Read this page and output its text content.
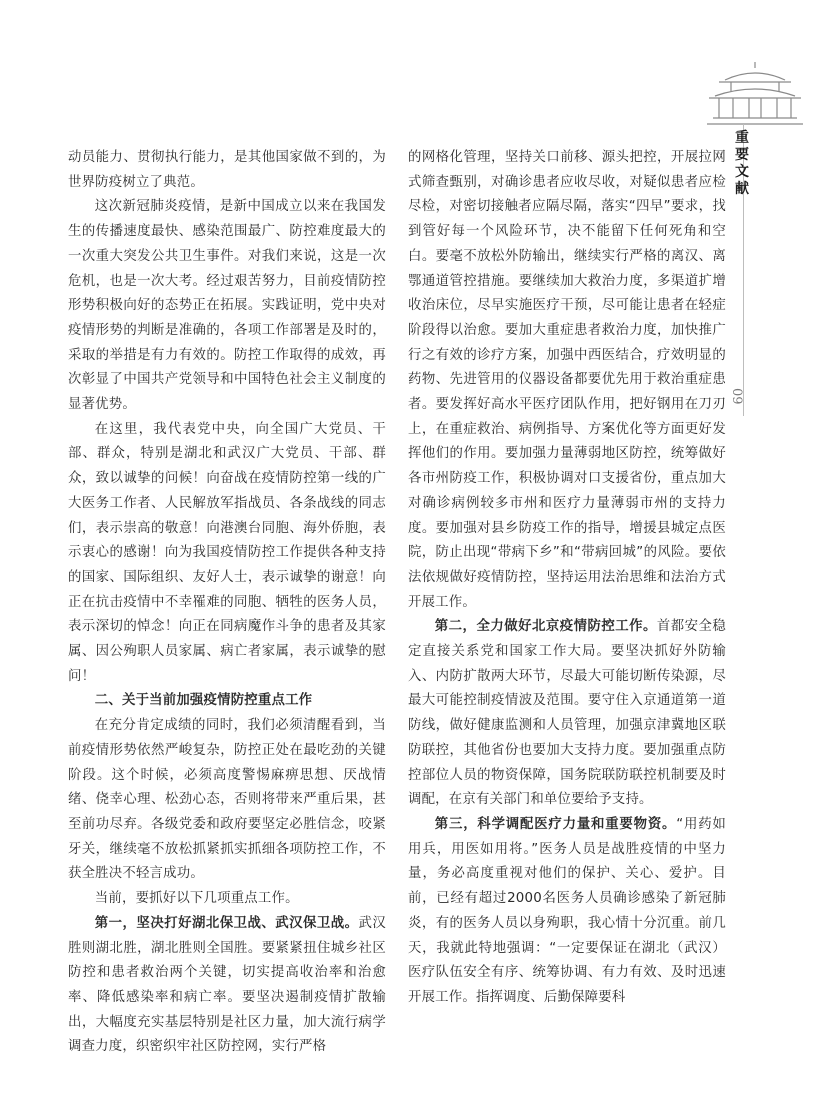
重要文献
09

动员能力、贯彻执行能力，是其他国家做不到的，为世界防疫树立了典范。

这次新冠肺炎疫情，是新中国成立以来在我国发生的传播速度最快、感染范围最广、防控难度最大的一次重大突发公共卫生事件。对我们来说，这是一次危机，也是一次大考。经过艰苦努力，目前疫情防控形势积极向好的态势正在拓展。实践证明，党中央对疫情形势的判断是准确的，各项工作部署是及时的，采取的举措是有力有效的。防控工作取得的成效，再次彰显了中国共产党领导和中国特色社会主义制度的显著优势。

在这里，我代表党中央，向全国广大党员、干部、群众，特别是湖北和武汉广大党员、干部、群众，致以诚挚的问候！向奋战在疫情防控第一线的广大医务工作者、人民解放军指战员、各条战线的同志们，表示崇高的敬意！向港澳台同胞、海外侨胞，表示衷心的感谢！向为我国疫情防控工作提供各种支持的国家、国际组织、友好人士，表示诚挚的谢意！向正在抗击疫情中不幸罹难的同胞、牺牲的医务人员，表示深切的悼念！向正在同病魔作斗争的患者及其家属、因公殉职人员家属、病亡者家属，表示诚挚的慰问！

二、关于当前加强疫情防控重点工作

在充分肯定成绩的同时，我们必须清醒看到，当前疫情形势依然严峻复杂，防控正处在最吃劲的关键阶段。这个时候，必须高度警惕麻痹思想、厌战情绪、侥幸心理、松劲心态，否则将带来严重后果，甚至前功尽弃。各级党委和政府要坚定必胜信念，咬紧牙关，继续毫不放松抓紧抓实抓细各项防控工作，不获全胜决不轻言成功。

当前，要抓好以下几项重点工作。

第一，坚决打好湖北保卫战、武汉保卫战。武汉胜则湖北胜，湖北胜则全国胜。要紧紧扭住城乡社区防控和患者救治两个关键，切实提高收治率和治愈率、降低感染率和病亡率。要坚决遏制疫情扩散输出，大幅度充实基层特别是社区力量，加大流行病学调查力度，织密织牢社区防控网，实行严格

的网格化管理，坚持关口前移、源头把控，开展拉网式筛查甄别，对确诊患者应收尽收，对疑似患者应检尽检，对密切接触者应隔尽隔，落实“四早”要求，找到管好每一个风险环节，决不能留下任何死角和空白。要毫不放松外防输出，继续实行严格的离汉、离鄂通道管控措施。要继续加大救治力度，多渠道扩增收治床位，尽早实施医疗干预，尽可能让患者在轻症阶段得以治愈。要加大重症患者救治力度，加快推广行之有效的诊疗方案，加强中西医结合，疗效明显的药物、先进管用的仪器设备都要优先用于救治重症患者。要发挥好高水平医疗团队作用，把好钢用在刀刃上，在重症救治、病例指导、方案优化等方面更好发挥他们的作用。要加强力量薄弱地区防控，统筹做好各市州防疫工作，积极协调对口支援省份，重点加大对确诊病例较多市州和医疗力量薄弱市州的支持力度。要加强对县乡防疫工作的指导，增援县城定点医院，防止出现“带病下乡”和“带病回城”的风险。要依法依规做好疫情防控，坚持运用法治思维和法治方式开展工作。

第二，全力做好北京疫情防控工作。首都安全稳定直接关系党和国家工作大局。要坚决抓好外防输入、内防扩散两大环节，尽最大可能切断传染源，尽最大可能控制疫情波及范围。要守住入京通道第一道防线，做好健康监测和人员管理，加强京津冀地区联防联控，其他省份也要加大支持力度。要加强重点防控部位人员的物资保障，国务院联防联控机制要及时调配，在京有关部门和单位要给予支持。

第三，科学调配医疗力量和重要物资。“用药如用兵，用医如用将。”医务人员是战胜疫情的中坚力量，务必高度重视对他们的保护、关心、爱护。目前，已经有超过2000名医务人员确诊感染了新冠肺炎，有的医务人员以身殉职，我心情十分沉重。前几天，我就此特地强调：“一定要保证在湖北（武汉）医疗队伍安全有序、统筹协调、有力有效、及时迅速开展工作。指挥调度、后勤保障要科
